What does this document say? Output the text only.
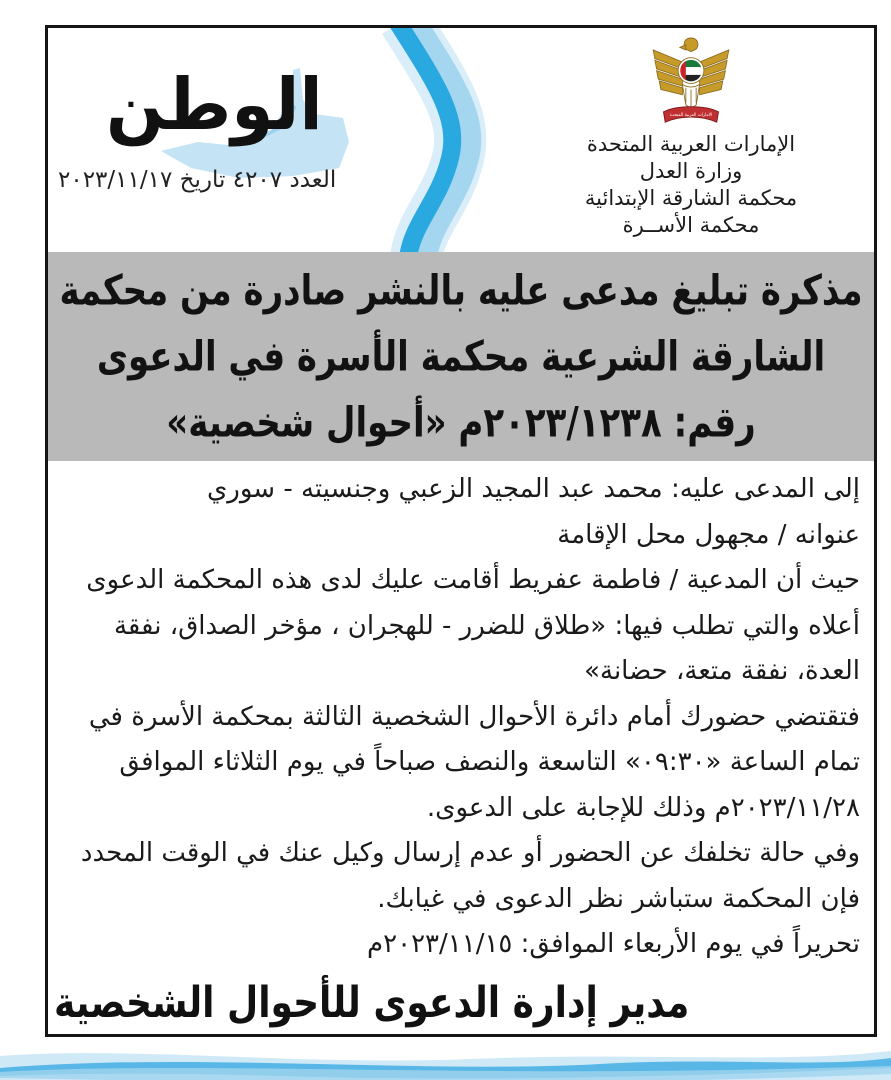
الوطن
العدد ٤٢٠٧ تاريخ ٢٠٢٣/١١/١٧
الامارات العربية المتحدة
الإمارات العربية المتحدة
وزارة العدل
محكمة الشارقة الإبتدائية
محكمة الأســرة
مذكرة تبليغ مدعى عليه بالنشر صادرة من محكمة
الشارقة الشرعية محكمة الأسرة في الدعوى
رقم: ٢٠٢٣/١٢٣٨م «أحوال شخصية»
إلى المدعى عليه: محمد عبد المجيد الزعبي وجنسيته - سوري
عنوانه / مجهول محل الإقامة
حيث أن المدعية / فاطمة عفريط أقامت عليك لدى هذه المحكمة الدعوى
أعلاه والتي تطلب فيها: «طلاق للضرر - للهجران ، مؤخر الصداق، نفقة
العدة، نفقة متعة، حضانة»
فتقتضي حضورك أمام دائرة الأحوال الشخصية الثالثة بمحكمة الأسرة في
تمام الساعة «٠٩:٣٠» التاسعة والنصف صباحاً في يوم الثلاثاء الموافق
٢٠٢٣/١١/٢٨م وذلك للإجابة على الدعوى.
وفي حالة تخلفك عن الحضور أو عدم إرسال وكيل عنك في الوقت المحدد
فإن المحكمة ستباشر نظر الدعوى في غيابك.
تحريراً في يوم الأربعاء الموافق: ٢٠٢٣/١١/١٥م
مدير إدارة الدعوى للأحوال الشخصية
